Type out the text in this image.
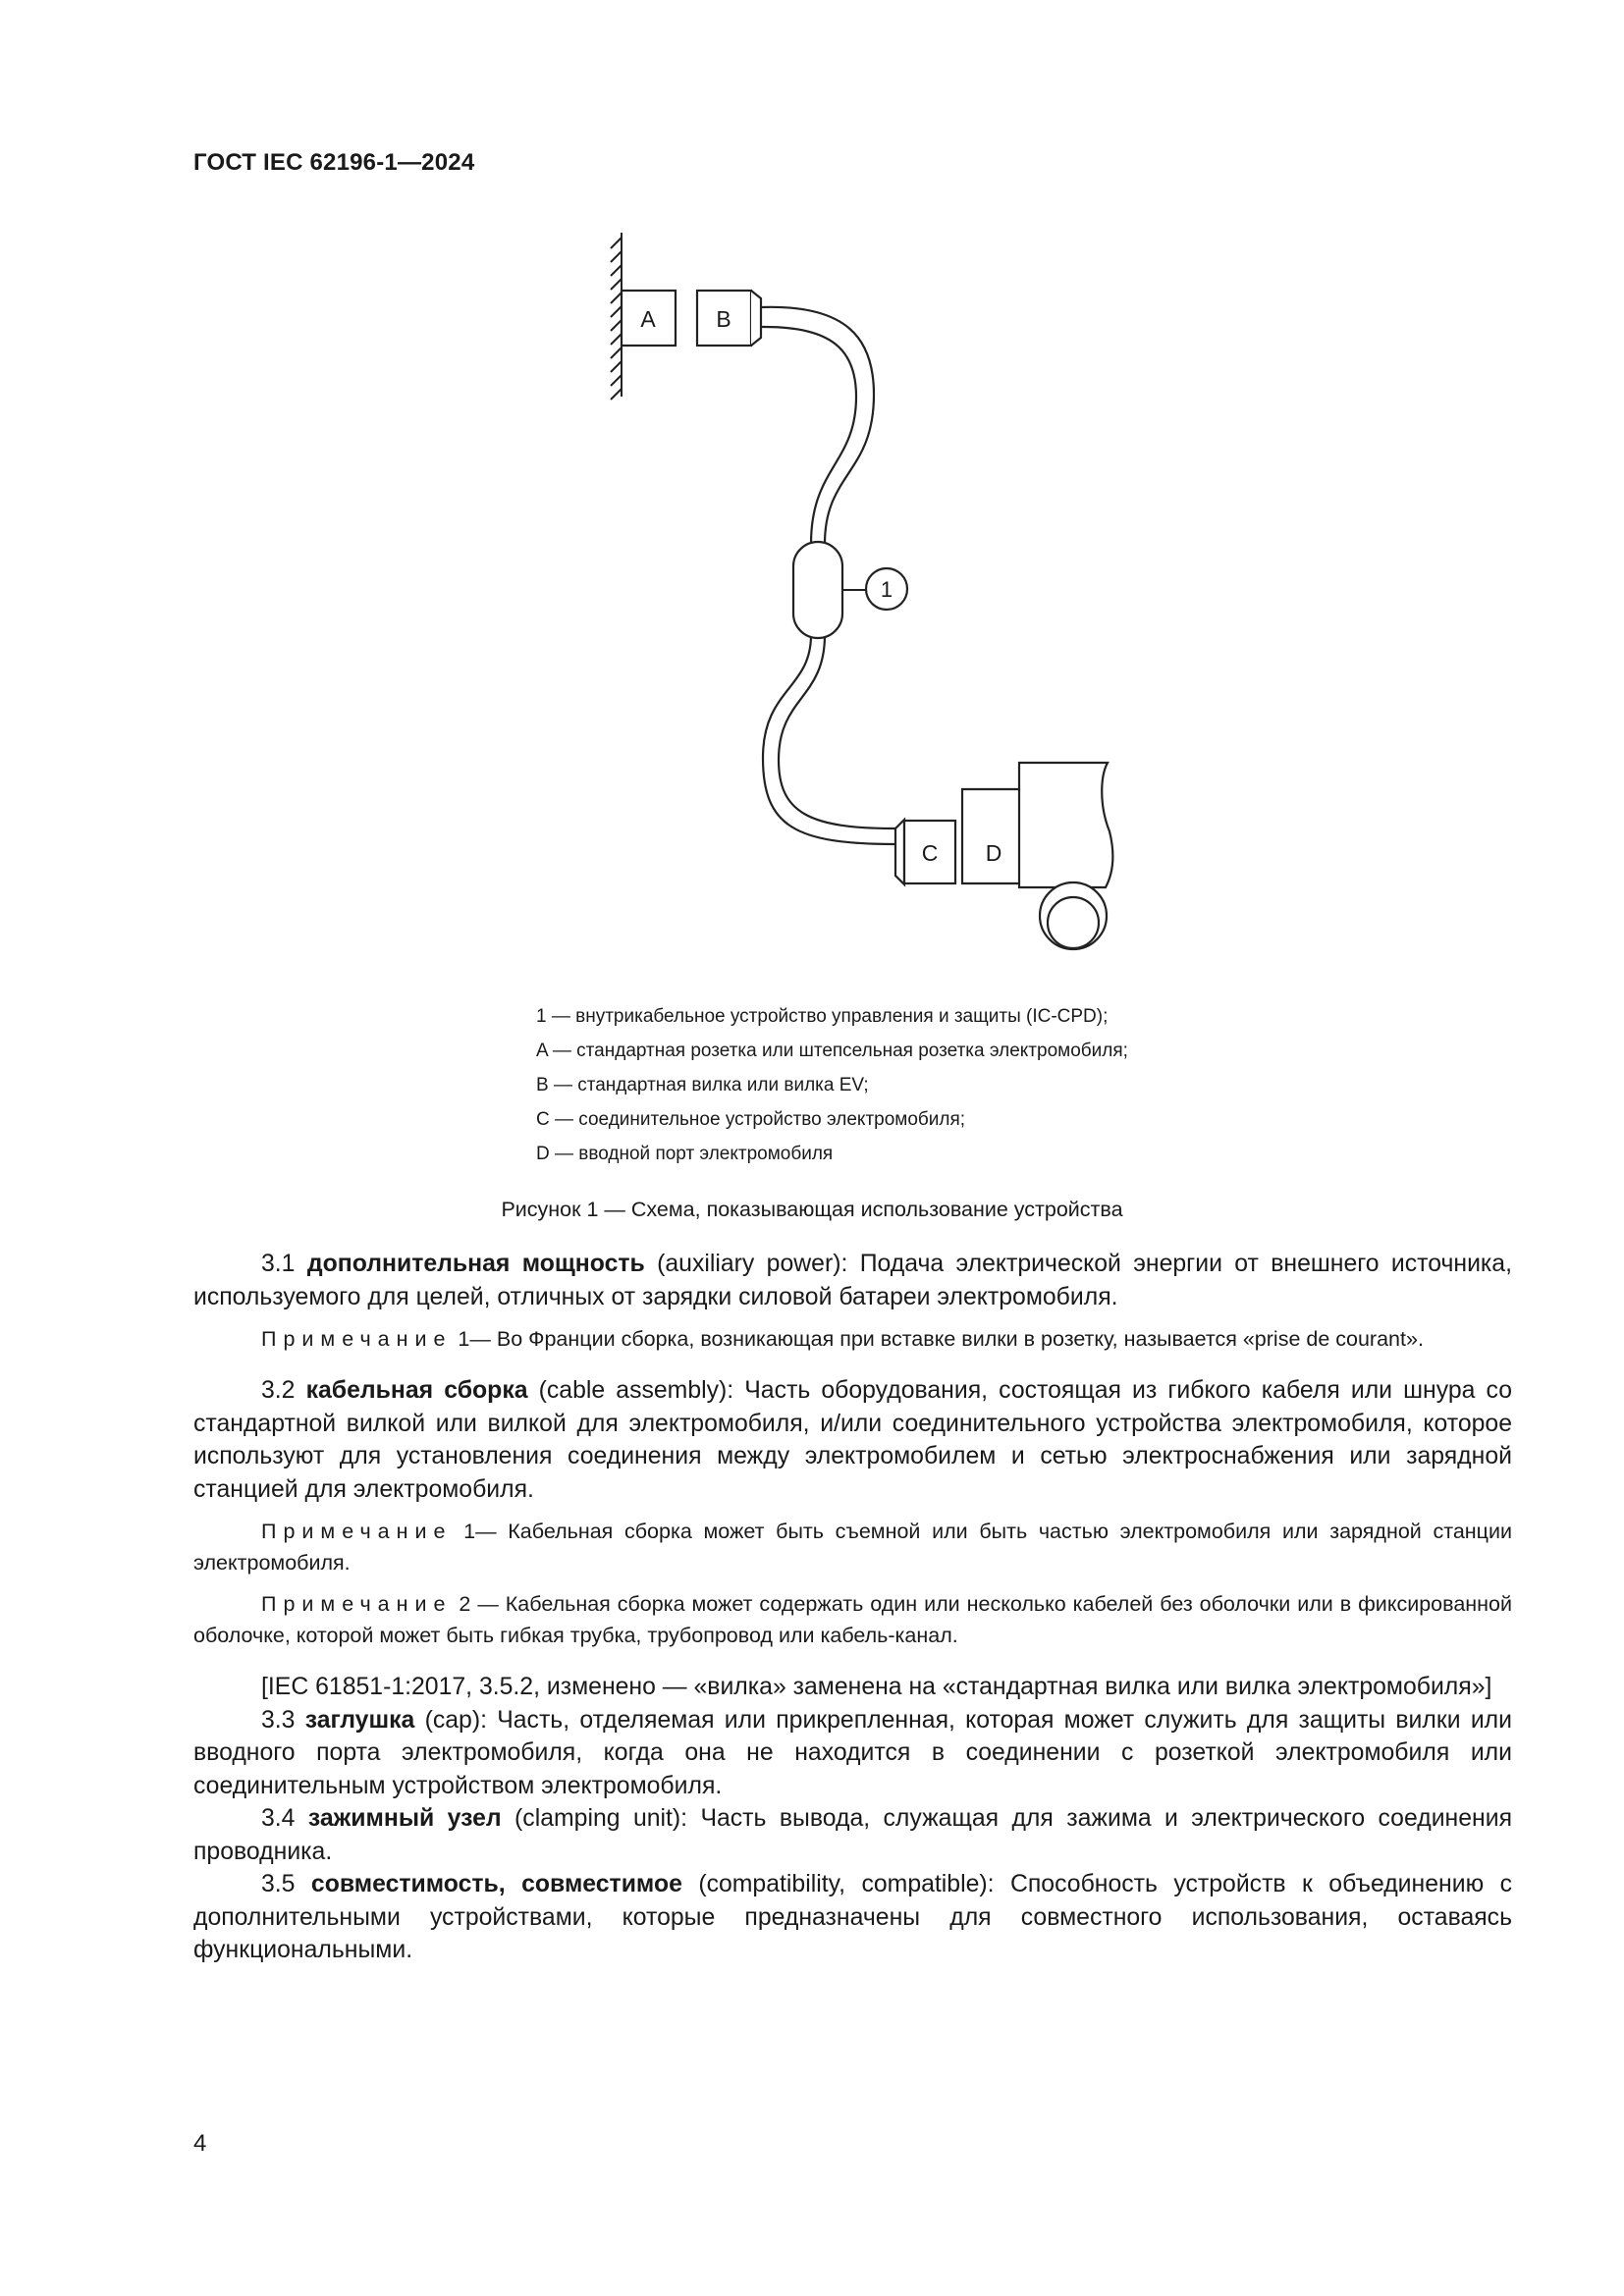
ГОСТ IEC 62196-1—2024
A	B
1
C D
1 — внутрикабельное устройство управления и защиты (IC-CPD);
A — стандартная розетка или штепсельная розетка электромобиля;
B — стандартная вилка или вилка EV;
C — соединительное устройство электромобиля;
D — вводной порт электромобиля
Рисунок 1 — Схема, показывающая использование устройства

3.1 дополнительная мощность (auxiliary power): Подача электрической энергии от внешнего источника, используемого для целей, отличных от зарядки силовой батареи электромобиля.

Примечание 1— Во Франции сборка, возникающая при вставке вилки в розетку, называется «prise de courant».

3.2 кабельная сборка (cable assembly): Часть оборудования, состоящая из гибкого кабеля или шнура со стандартной вилкой или вилкой для электромобиля, и/или соединительного устройства электромобиля, которое используют для установления соединения между электромобилем и сетью электроснабжения или зарядной станцией для электромобиля.

Примечание 1— Кабельная сборка может быть съемной или быть частью электромобиля или зарядной станции электромобиля.

Примечание 2 — Кабельная сборка может содержать один или несколько кабелей без оболочки или в фиксированной оболочке, которой может быть гибкая трубка, трубопровод или кабель-канал.

[IEC 61851-1:2017, 3.5.2, изменено — «вилка» заменена на «стандартная вилка или вилка электромобиля»]

3.3 заглушка (cap): Часть, отделяемая или прикрепленная, которая может служить для защиты вилки или вводного порта электромобиля, когда она не находится в соединении с розеткой электромобиля или соединительным устройством электромобиля.

3.4 зажимный узел (clamping unit): Часть вывода, служащая для зажима и электрического соединения проводника.

3.5 совместимость, совместимое (compatibility, compatible): Способность устройств к объединению с дополнительными устройствами, которые предназначены для совместного использования, оставаясь функциональными.

4
